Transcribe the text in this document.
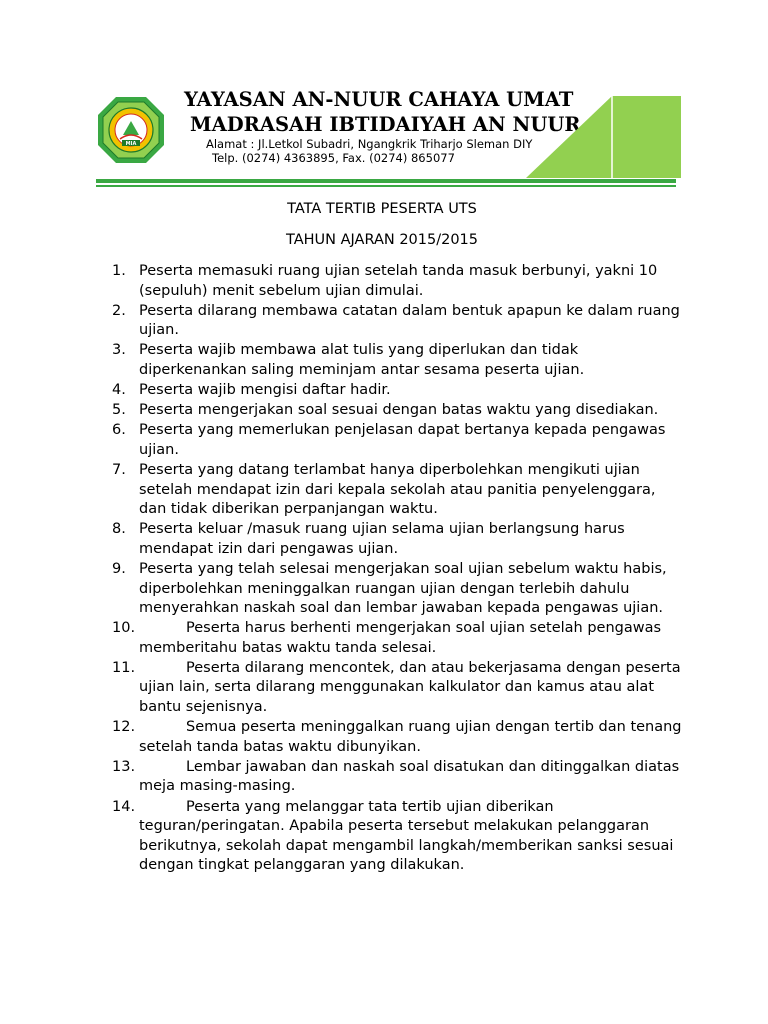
MIA
YAYASAN AN-NUUR CAHAYA UMAT
MADRASAH IBTIDAIYAH AN NUUR
Alamat : Jl.Letkol Subadri, Ngangkrik Triharjo Sleman DIY
Telp. (0274) 4363895, Fax. (0274) 865077
TATA TERTIB PESERTA UTS
TAHUN AJARAN 2015/2015
1. Peserta memasuki ruang ujian setelah tanda masuk berbunyi, yakni 10 (sepuluh) menit sebelum ujian dimulai.
2. Peserta dilarang membawa catatan dalam bentuk apapun ke dalam ruang ujian.
3. Peserta wajib membawa alat tulis yang diperlukan dan tidak diperkenankan saling meminjam antar sesama peserta ujian.
4. Peserta wajib mengisi daftar hadir.
5. Peserta mengerjakan soal sesuai dengan batas waktu yang disediakan.
6. Peserta yang memerlukan penjelasan dapat bertanya kepada pengawas ujian.
7. Peserta yang datang terlambat hanya diperbolehkan mengikuti ujian setelah mendapat izin dari kepala sekolah atau panitia penyelenggara, dan tidak diberikan perpanjangan waktu.
8. Peserta keluar /masuk ruang ujian selama ujian berlangsung harus mendapat izin dari pengawas ujian.
9. Peserta yang telah selesai mengerjakan soal ujian sebelum waktu habis, diperbolehkan meninggalkan ruangan ujian dengan terlebih dahulu menyerahkan naskah soal dan lembar jawaban kepada pengawas ujian.
10.	Peserta harus berhenti mengerjakan soal ujian setelah pengawas memberitahu batas waktu tanda selesai.
11.	Peserta dilarang mencontek, dan atau bekerjasama dengan peserta ujian lain, serta dilarang menggunakan kalkulator dan kamus atau alat bantu sejenisnya.
12.	Semua peserta meninggalkan ruang ujian dengan tertib dan tenang setelah tanda batas waktu dibunyikan.
13.	Lembar jawaban dan naskah soal disatukan dan ditinggalkan diatas meja masing-masing.
14.	Peserta yang melanggar tata tertib ujian diberikan teguran/peringatan. Apabila peserta tersebut melakukan pelanggaran berikutnya, sekolah dapat mengambil langkah/memberikan sanksi sesuai dengan tingkat pelanggaran yang dilakukan.
